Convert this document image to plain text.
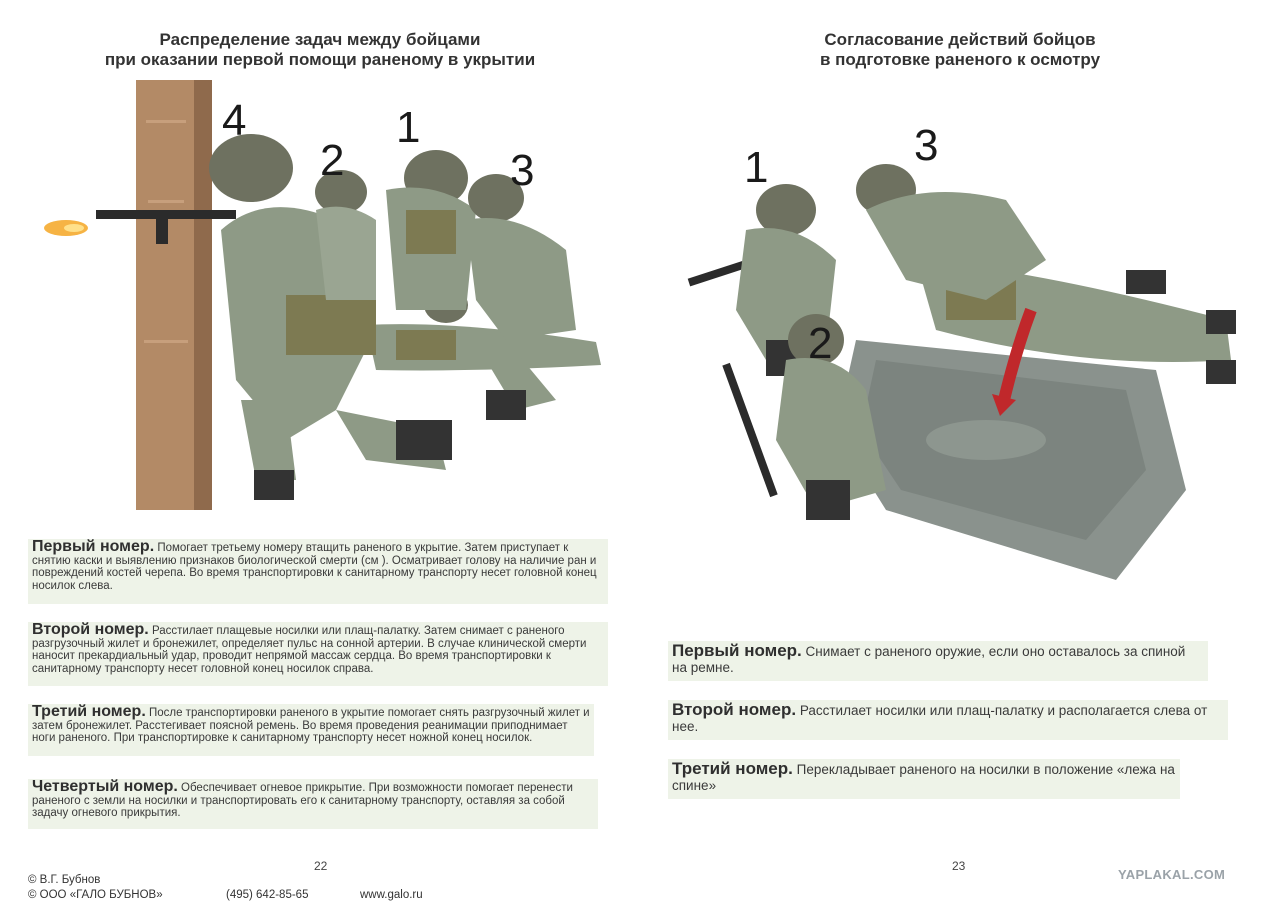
Распределение задач между бойцами
при оказании первой помощи раненому в укрытии
4
2
1
3
Первый номер. Помогает третьему номеру втащить раненого в укрытие. Затем приступает к снятию каски и выявлению признаков биологической смерти (см ). Осматривает голову на наличие ран и повреждений костей черепа. Во время транспортировки к санитарному транспорту несет головной конец носилок слева.
Второй номер. Расстилает плащевые носилки или плащ-палатку. Затем снимает с раненого разгрузочный жилет и бронежилет, определяет пульс на сонной артерии. В случае клинической смерти наносит прекардиальный удар, проводит непрямой массаж сердца. Во время транспортировки к санитарному транспорту несет головной конец носилок справа.
Третий номер. После транспортировки раненого в укрытие помогает снять разгрузочный жилет и затем бронежилет. Расстегивает поясной ремень. Во время проведения реанимации приподнимает ноги раненого. При транспортировке к санитарному транспорту несет ножной конец носилок.
Четвертый номер. Обеспечивает огневое прикрытие. При возможности помогает перенести раненого с земли на носилки и транспортировать его к санитарному транспорту, оставляя за собой задачу огневого прикрытия.
22
© В.Г. Бубнов
© ООО «ГАЛО БУБНОВ»	(495) 642-85-65	www.galo.ru
Согласование действий бойцов
в подготовке раненого к осмотру
1	3
2
Первый номер. Снимает с раненого оружие, если оно оставалось за спиной на ремне.
Второй номер. Расстилает носилки или плащ-палатку и располагается слева от нее.
Третий номер. Перекладывает раненого на носилки в положение «лежа на спине»
23
YAPLAKAL.COM
